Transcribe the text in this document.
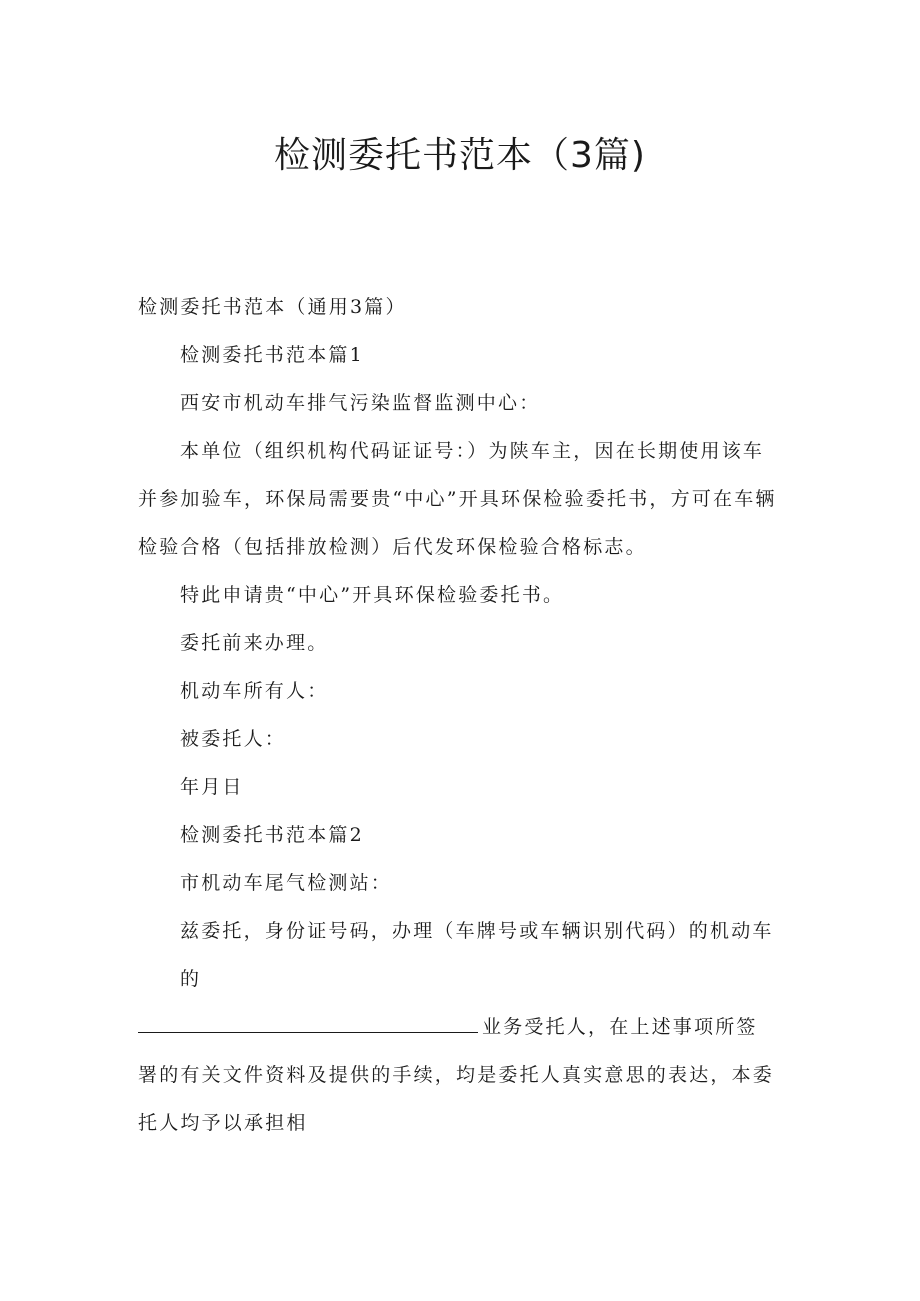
检测委托书范本（3篇)

检测委托书范本（通用3篇）

检测委托书范本篇1

西安市机动车排气污染监督监测中心：

本单位（组织机构代码证证号：）为陕车主，因在长期使用该车并参加验车，环保局需要贵“中心”开具环保检验委托书，方可在车辆检验合格（包括排放检测）后代发环保检验合格标志。

特此申请贵“中心”开具环保检验委托书。

委托前来办理。

机动车所有人：

被委托人：

年月日

检测委托书范本篇2

市机动车尾气检测站：

兹委托，身份证号码，办理（车牌号或车辆识别代码）的机动车的

业务受托人，在上述事项所签署的有关文件资料及提供的手续，均是委托人真实意思的表达，本委托人均予以承担相
